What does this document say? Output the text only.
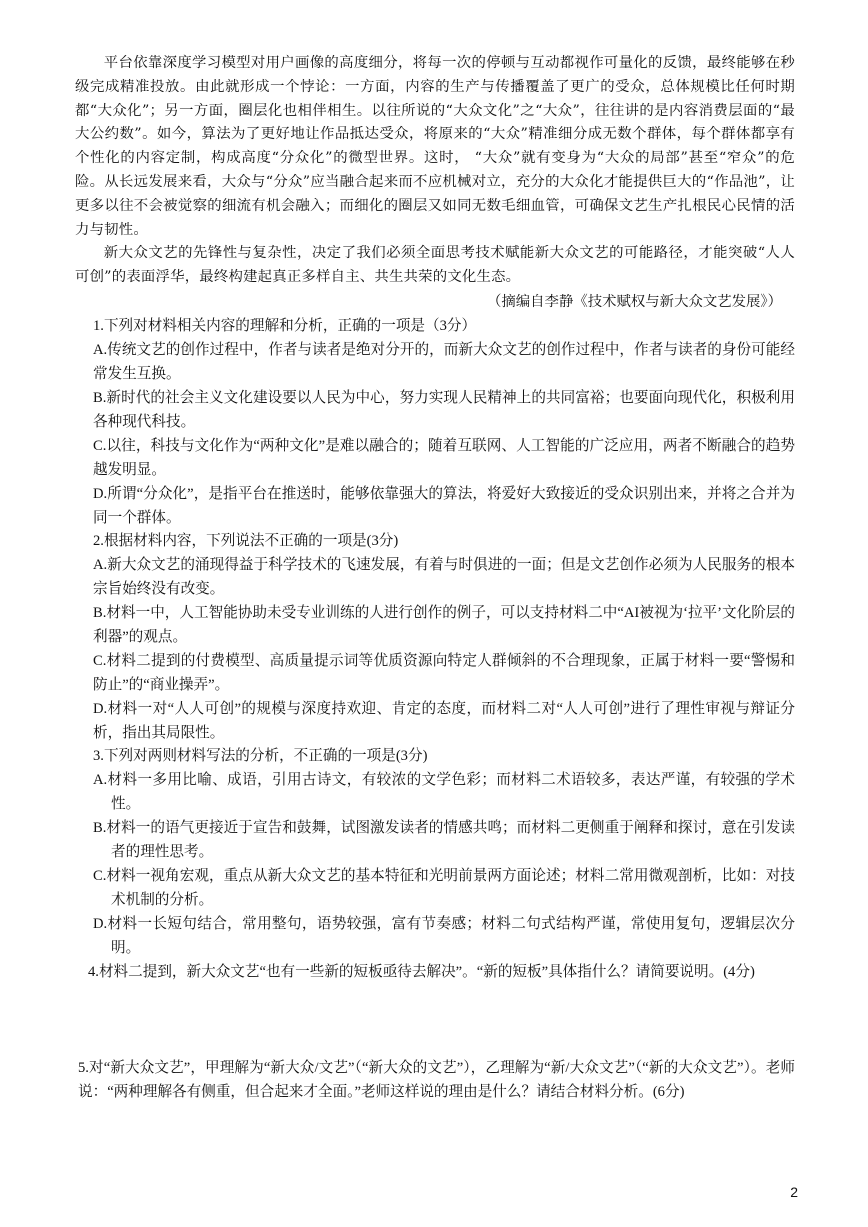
平台依靠深度学习模型对用户画像的高度细分，将每一次的停顿与互动都视作可量化的反馈，最终能够在秒级完成精准投放。由此就形成一个悖论：一方面，内容的生产与传播覆盖了更广的受众，总体规模比任何时期都“大众化”；另一方面，圈层化也相伴相生。以往所说的“大众文化”之“大众”，往往讲的是内容消费层面的“最大公约数”。如今，算法为了更好地让作品抵达受众，将原来的“大众”精准细分成无数个群体，每个群体都享有个性化的内容定制，构成高度“分众化”的微型世界。这时， “大众”就有变身为“大众的局部”甚至“窄众”的危险。从长远发展来看，大众与“分众”应当融合起来而不应机械对立，充分的大众化才能提供巨大的“作品池”，让更多以往不会被觉察的细流有机会融入；而细化的圈层又如同无数毛细血管，可确保文艺生产扎根民心民情的活力与韧性。
新大众文艺的先锋性与复杂性，决定了我们必须全面思考技术赋能新大众文艺的可能路径，才能突破“人人可创”的表面浮华，最终构建起真正多样自主、共生共荣的文化生态。
（摘编自李静《技术赋权与新大众文艺发展》）
1.下列对材料相关内容的理解和分析，正确的一项是（3分）
A.传统文艺的创作过程中，作者与读者是绝对分开的，而新大众文艺的创作过程中，作者与读者的身份可能经常发生互换。
B.新时代的社会主义文化建设要以人民为中心，努力实现人民精神上的共同富裕；也要面向现代化，积极利用各种现代科技。
C.以往，科技与文化作为“两种文化”是难以融合的；随着互联网、人工智能的广泛应用，两者不断融合的趋势越发明显。
D.所谓“分众化”，是指平台在推送时，能够依靠强大的算法，将爱好大致接近的受众识别出来，并将之合并为同一个群体。
2.根据材料内容，下列说法不正确的一项是(3分)
A.新大众文艺的涌现得益于科学技术的飞速发展，有着与时俱进的一面；但是文艺创作必须为人民服务的根本宗旨始终没有改变。
B.材料一中，人工智能协助未受专业训练的人进行创作的例子，可以支持材料二中“AI被视为‘拉平’文化阶层的利器”的观点。
C.材料二提到的付费模型、高质量提示词等优质资源向特定人群倾斜的不合理现象，正属于材料一要“警惕和防止”的“商业操弄”。
D.材料一对“人人可创”的规模与深度持欢迎、肯定的态度，而材料二对“人人可创”进行了理性审视与辩证分析，指出其局限性。
3.下列对两则材料写法的分析，不正确的一项是(3分)
A.材料一多用比喻、成语，引用古诗文，有较浓的文学色彩；而材料二术语较多，表达严谨，有较强的学术性。
B.材料一的语气更接近于宣告和鼓舞，试图激发读者的情感共鸣；而材料二更侧重于阐释和探讨，意在引发读者的理性思考。
C.材料一视角宏观，重点从新大众文艺的基本特征和光明前景两方面论述；材料二常用微观剖析，比如：对技术机制的分析。
D.材料一长短句结合，常用整句，语势较强，富有节奏感；材料二句式结构严谨，常使用复句，逻辑层次分明。
4.材料二提到，新大众文艺“也有一些新的短板亟待去解决”。“新的短板”具体指什么？请简要说明。(4分)
5.对“新大众文艺”，甲理解为“新大众/文艺”（“新大众的文艺”），乙理解为“新/大众文艺”（“新的大众文艺”）。老师说：“两种理解各有侧重，但合起来才全面。”老师这样说的理由是什么？请结合材料分析。(6分)
2
